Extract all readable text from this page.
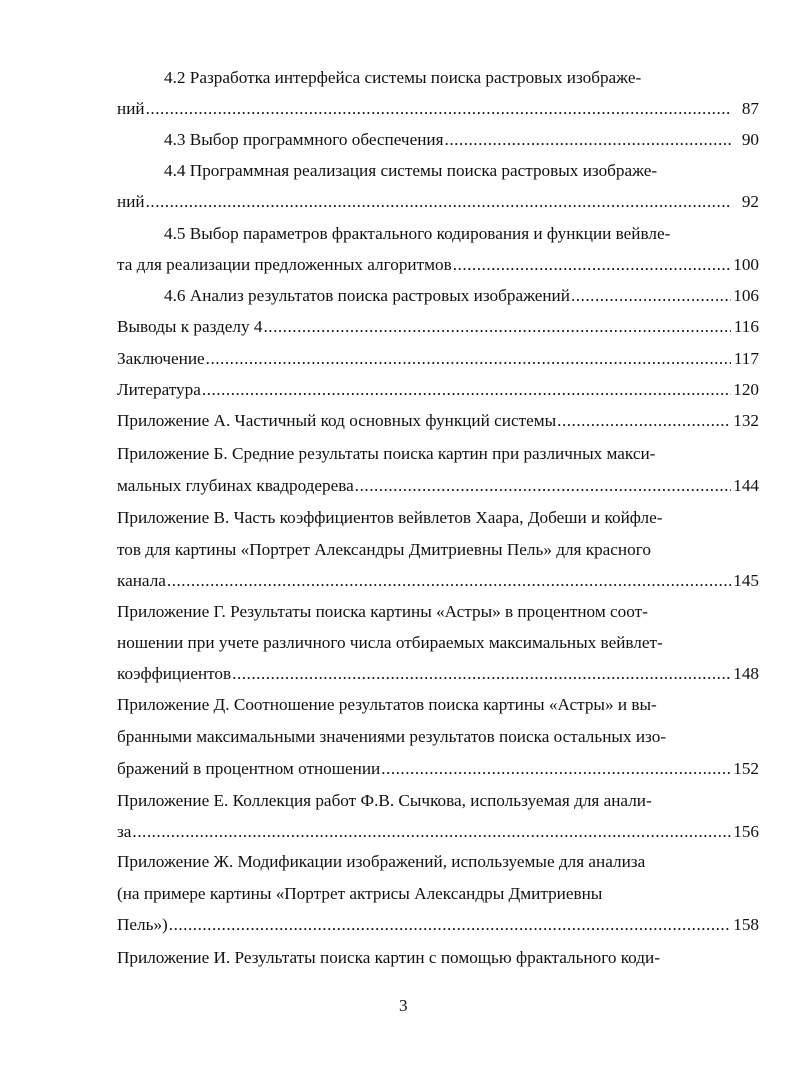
4.2 Разработка интерфейса системы поиска растровых изображе-
ний .....	87
4.3 Выбор программного обеспечения .....	90
4.4 Программная реализация системы поиска растровых изображе-
ний .....	92
4.5 Выбор параметров фрактального кодирования и функции вейвле-
та для реализации предложенных алгоритмов .....	100
4.6 Анализ результатов поиска растровых изображений .....	106
Выводы к разделу 4 .....	116
Заключение .....	117
Литература .....	120
Приложение А. Частичный код основных функций системы .....	132
Приложение Б. Средние результаты поиска картин при различных макси-
мальных глубинах квадродерева .....	144
Приложение В. Часть коэффициентов вейвлетов Хаара, Добеши и койфле-
тов для картины «Портрет Александры Дмитриевны Пель» для красного
канала .....	145
Приложение Г. Результаты поиска картины «Астры» в процентном соот-
ношении при учете различного числа отбираемых максимальных вейвлет-
коэффициентов .....	148
Приложение Д. Соотношение результатов поиска картины «Астры» и вы-
бранными максимальными значениями результатов поиска остальных изо-
бражений в процентном отношении .....	152
Приложение Е. Коллекция работ Ф.В. Сычкова, используемая для анали-
за .....	156
Приложение Ж. Модификации изображений, используемые для анализа
(на примере картины «Портрет актрисы Александры Дмитриевны
Пель») .....	158
Приложение И. Результаты поиска картин с помощью фрактального коди-
3
